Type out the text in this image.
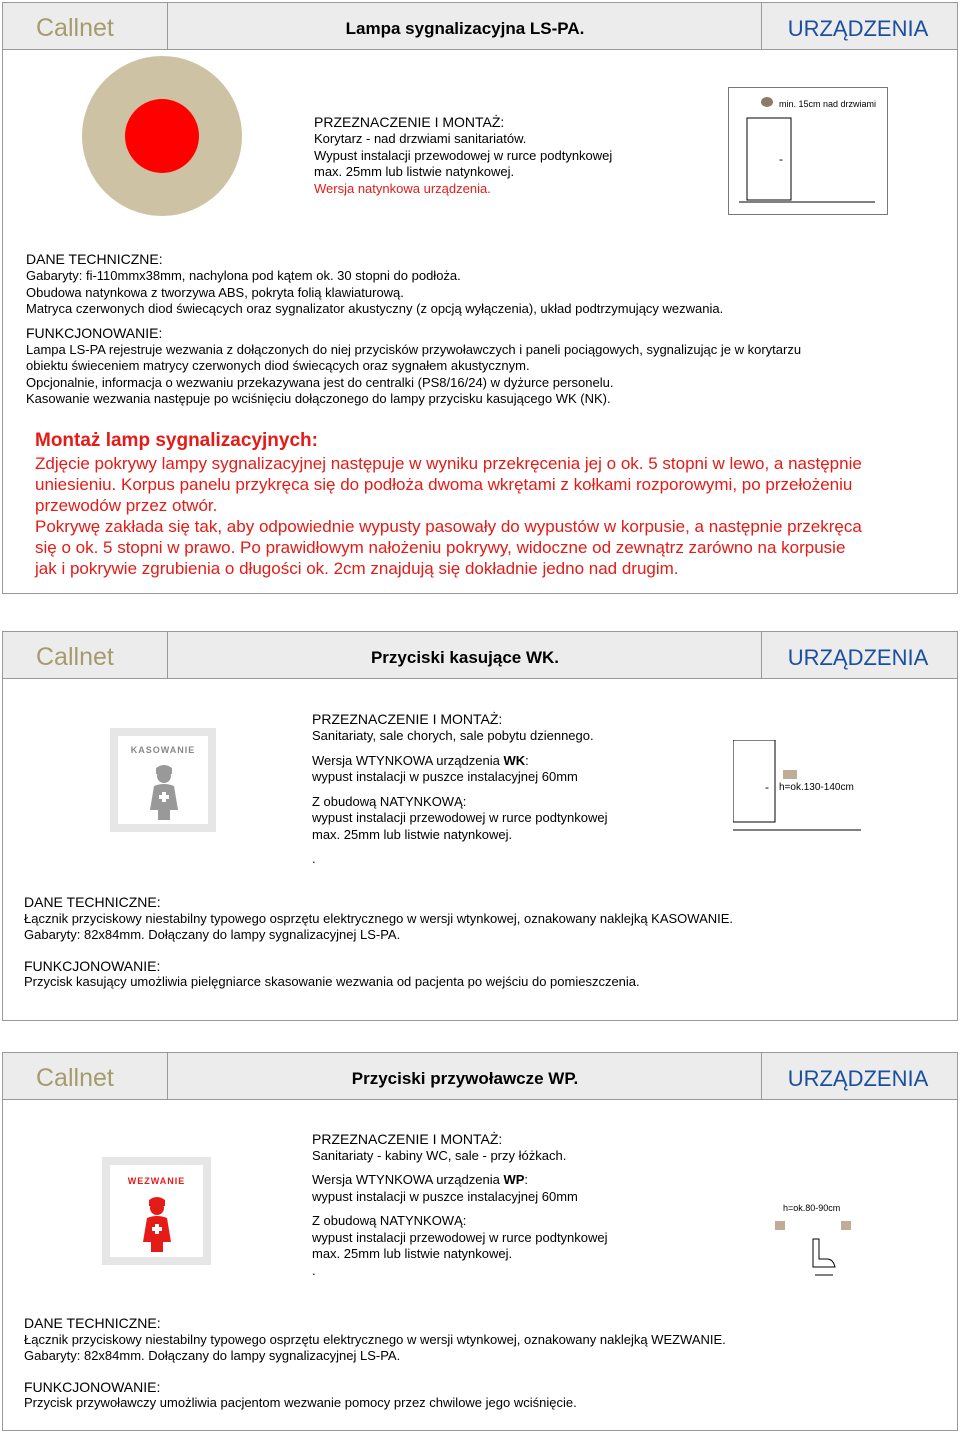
Callnet	Lampa sygnalizacyjna LS-PA.	URZĄDZENIA

PRZEZNACZENIE I MONTAŻ:

Korytarz - nad drzwiami sanitariatów.

Wypust instalacji przewodowej w rurce podtynkowej

max. 25mm lub listwie natynkowej.

Wersja natynkowa urządzenia.

min. 15cm nad drzwiami
-

DANE TECHNICZNE:

Gabaryty: fi-110mmx38mm, nachylona pod kątem ok. 30 stopni do podłoża.

Obudowa natynkowa z tworzywa ABS, pokryta folią klawiaturową.

Matryca czerwonych diod świecących oraz sygnalizator akustyczny (z opcją wyłączenia), układ podtrzymujący wezwania.

FUNKCJONOWANIE:

Lampa LS-PA rejestruje wezwania z dołączonych do niej przycisków przywoławczych i paneli pociągowych, sygnalizując je w korytarzu

obiektu świeceniem matrycy czerwonych diod świecących oraz sygnałem akustycznym.

Opcjonalnie, informacja o wezwaniu przekazywana jest do centralki (PS8/16/24) w dyżurce personelu.

Kasowanie wezwania następuje po wciśnięciu dołączonego do lampy przycisku kasującego WK (NK).

Montaż lamp sygnalizacyjnych:

Zdjęcie pokrywy lampy sygnalizacyjnej następuje w wyniku przekręcenia jej o ok. 5 stopni w lewo, a następnie

uniesieniu. Korpus panelu przykręca się do podłoża dwoma wkrętami z kołkami rozporowymi, po przełożeniu

przewodów przez otwór.

Pokrywę zakłada się tak, aby odpowiednie wypusty pasowały do wypustów w korpusie, a następnie przekręca

się o ok. 5 stopni w prawo. Po prawidłowym nałożeniu pokrywy, widoczne od zewnątrz zarówno na korpusie

jak i pokrywie zgrubienia o długości ok. 2cm znajdują się dokładnie jedno nad drugim.

Callnet	Przyciski kasujące WK.	URZĄDZENIA
KASOWANIE

PRZEZNACZENIE I MONTAŻ:

Sanitariaty, sale chorych, sale pobytu dziennego.

Wersja WTYNKOWA urządzenia WK:

wypust instalacji w puszce instalacyjnej 60mm

Z obudową NATYNKOWĄ:

wypust instalacji przewodowej w rurce podtynkowej

max. 25mm lub listwie natynkowej.

.

- h=ok.130-140cm

DANE TECHNICZNE:

Łącznik przyciskowy niestabilny typowego osprzętu elektrycznego w wersji wtynkowej, oznakowany naklejką KASOWANIE.

Gabaryty: 82x84mm. Dołączany do lampy sygnalizacyjnej LS-PA.

FUNKCJONOWANIE:

Przycisk kasujący umożliwia pielęgniarce skasowanie wezwania od pacjenta po wejściu do pomieszczenia.

Callnet	Przyciski przywoławcze WP.	URZĄDZENIA
WEZWANIE

PRZEZNACZENIE I MONTAŻ:

Sanitariaty - kabiny WC, sale - przy łóżkach.

Wersja WTYNKOWA urządzenia WP:

wypust instalacji w puszce instalacyjnej 60mm

Z obudową NATYNKOWĄ:

wypust instalacji przewodowej w rurce podtynkowej

max. 25mm lub listwie natynkowej.

.

h=ok.80-90cm

DANE TECHNICZNE:

Łącznik przyciskowy niestabilny typowego osprzętu elektrycznego w wersji wtynkowej, oznakowany naklejką WEZWANIE.

Gabaryty: 82x84mm. Dołączany do lampy sygnalizacyjnej LS-PA.

FUNKCJONOWANIE:

Przycisk przywoławczy umożliwia pacjentom wezwanie pomocy przez chwilowe jego wciśnięcie.
